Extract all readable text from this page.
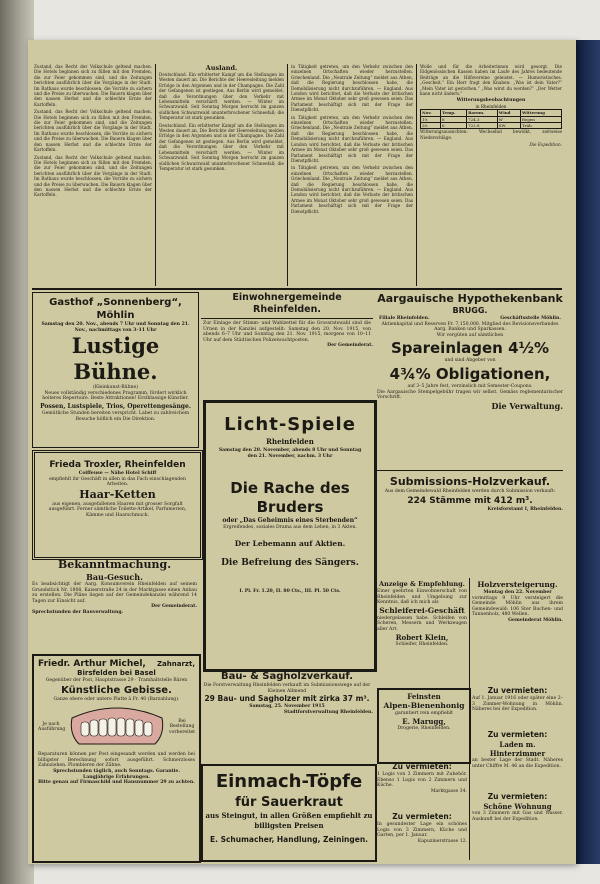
Zustand, das Recht der Volkschule geltend machen. Die Hotels beginnen sich zu füllen mit den Fremden, die zur Feier gekommen sind, und die Zeitungen berichten ausführlich über die Vorgänge in der Stadt. Im Rathaus wurde beschlossen, die Vorräte zu sichern und die Preise zu überwachen. Die Bauern klagen über den nassen Herbst und die schlechte Ernte der Kartoffeln.

Zustand, das Recht der Volkschule geltend machen. Die Hotels beginnen sich zu füllen mit den Fremden, die zur Feier gekommen sind, und die Zeitungen berichten ausführlich über die Vorgänge in der Stadt. Im Rathaus wurde beschlossen, die Vorräte zu sichern und die Preise zu überwachen. Die Bauern klagen über den nassen Herbst und die schlechte Ernte der Kartoffeln.

Zustand, das Recht der Volkschule geltend machen. Die Hotels beginnen sich zu füllen mit den Fremden, die zur Feier gekommen sind, und die Zeitungen berichten ausführlich über die Vorgänge in der Stadt. Im Rathaus wurde beschlossen, die Vorräte zu sichern und die Preise zu überwachen. Die Bauern klagen über den nassen Herbst und die schlechte Ernte der Kartoffeln.

Ausland.

Deutschland. Ein erbitterter Kampf um die Stellungen im Westen dauert an. Die Berichte der Heeresleitung melden Erfolge in den Argonnen und in der Champagne. Die Zahl der Gefangenen ist gestiegen. Aus Berlin wird gemeldet, daß die Verordnungen über den Verkehr mit Lebensmitteln verschärft werden. — Winter im Schwarzwald. Seit Sonntag Morgen herrscht im ganzen südlichen Schwarzwald ununterbrochener Schneefall; die Temperatur ist stark gesunken.

Deutschland. Ein erbitterter Kampf um die Stellungen im Westen dauert an. Die Berichte der Heeresleitung melden Erfolge in den Argonnen und in der Champagne. Die Zahl der Gefangenen ist gestiegen. Aus Berlin wird gemeldet, daß die Verordnungen über den Verkehr mit Lebensmitteln verschärft werden. — Winter im Schwarzwald. Seit Sonntag Morgen herrscht im ganzen südlichen Schwarzwald ununterbrochener Schneefall; die Temperatur ist stark gesunken.

in Tätigkeit getreten, um den Verkehr zwischen den einzelnen Ortschaften wieder herzustellen. Griechenland. Die „Neutrale Zeitung“ meldet aus Athen, daß die Regierung beschlossen habe, die Demobilisierung nicht durchzuführen. — England. Aus London wird berichtet, daß die Verluste der britischen Armee im Monat Oktober sehr groß gewesen seien. Das Parlament beschäftigt sich mit der Frage der Dienstpflicht.

in Tätigkeit getreten, um den Verkehr zwischen den einzelnen Ortschaften wieder herzustellen. Griechenland. Die „Neutrale Zeitung“ meldet aus Athen, daß die Regierung beschlossen habe, die Demobilisierung nicht durchzuführen. — England. Aus London wird berichtet, daß die Verluste der britischen Armee im Monat Oktober sehr groß gewesen seien. Das Parlament beschäftigt sich mit der Frage der Dienstpflicht.

in Tätigkeit getreten, um den Verkehr zwischen den einzelnen Ortschaften wieder herzustellen. Griechenland. Die „Neutrale Zeitung“ meldet aus Athen, daß die Regierung beschlossen habe, die Demobilisierung nicht durchzuführen. — England. Aus London wird berichtet, daß die Verluste der britischen Armee im Monat Oktober sehr groß gewesen seien. Das Parlament beschäftigt sich mit der Frage der Dienstpflicht.

Wolle und für die Arbeiterinnen wird gesorgt. Die Eidgenössischen Kassen haben im Laufe des Jahres bedeutende Beiträge an die Hilfsvereine geleistet. — Humoristisches. „Gescheit.“ Ein Herr fragt den Knaben: „Was ist dein Vater?“ „Mein Vater ist gestorben.“ „Was wirst du werden?“ „Der Wetter kann nicht ändern.“

Witterungsbeobachtungen
in Rheinfelden
Nov.	Temp.	Barom.	Wind	Witterung
19.	8	724.3	W	Regen
20.	6	722.8	SW	Trüb

Witterungsaussichten: Wechselnd bewölkt, zeitweise Niederschläge.

Die Expedition.
Gasthof „Sonnenberg“, Möhlin
Samstag den 20. Nov., abends 7 Uhr und Sonntag den 21. Nov., nachmittags von 3–11 Uhr
Lustige Bühne.
(Kleinkunst-Bühne)
Neues vollständig verschiedenes Programm, fördert wirklich heiteres Repertoire. Beste Attraktionen! Erstklassige Künstler.
Possen, Lustspiele, Trios, Operettengesänge.
Gemütliche Stunden bereiten verspricht. Labet zu zahlreichem Besuche höflich ein Die Direktion.
Frieda Troxler, Rheinfelden
Coiffeuse — Nähe Hotel Schiff
empfiehlt ihr Geschäft in allen in das Fach einschlagenden Arbeiten.
Haar-Ketten
aus eigenen, ausgefallenen Haaren mit grosser Sorgfalt ausgeführt. Ferner sämtliche Toilette-Artikel, Parfumerien, Kämme und Haarschmuck.
Bekanntmachung.
Bau-Gesuch.
Es beabsichtigt der Aarg. Konsumverein Rheinfelden auf seinem Grundstück Nr. 1808, Kaiserstraße 24 in der Marktgasse einen Anbau zu erstellen. Die Pläne liegen auf der Gemeindekanzlei während 14 Tagen zur Einsicht auf.
Der Gemeinderat.
Sprechstunden der Bauverwaltung.
Friedr. Arthur Michel, Zahnarzt,
Birsfelden bei Basel
Gegenüber der Post, Hauptstrasse 29 · Tramhaltstelle Bären
Künstliche Gebisse.
Ganze obere oder untere Platte à Fr. 40 (Barzahlung).
Je nach Ausführung
Bei Bestellung vorbereitet
Reparaturen können per Post eingesandt werden und werden bei billigster Berechnung sofort ausgeführt. Schmerzloses Zahnziehen. Plombieren der Zähne.
Sprechstunden täglich, auch Sonntags. Garantie. Langjährige Erfahrungen.
Bitte genau auf Firmaschild und Hausnummer 29 zu achten.
Einwohnergemeinde Rheinfelden.
Zur Einlage der Stimm- und Wahlzettel für die Grossratswahl sind die Urnen in der Kanzlei aufgestellt: Samstag den 20. Nov. 1915, von abends 6–7 Uhr und Sonntag den 21. Nov. 1915, morgens von 10–11 Uhr auf dem Städtischen Polizeiwachtposten.
Der Gemeinderat.
Licht-Spiele
Rheinfelden
Samstag den 20. November, abends 8 Uhr und Sonntag den 21. November, nachm. 3 Uhr
Die Rache des Bruders
oder „Das Geheimnis eines Sterbenden“
Ergreifendes, soziales Drama aus dem Leben, in 3 Akten.
Der Lebemann auf Aktien.
Die Befreiung des Sängers.
I. Pl. Fr. 1.20, II. 80 Cts., III. Pl. 50 Cts.
Bau- & Sagholzverkauf.
Die Forstverwaltung Rheinfelden verkauft im Submissionswege auf der Kleinen Allmend
29 Bau- und Sagholzer mit zirka 37 m³.
Samstag, 25. November 1915
Stadtforstverwaltung Rheinfelden.
Einmach-Töpfe
für Sauerkraut
aus Steingut, in allen Größen empfiehlt zu billigsten Preisen
E. Schumacher, Handlung, Zeiningen.
Aargauische Hypothekenbank
BRUGG.
Filiale Rheinfelden.	Geschäftsstelle Möhlin.
Aktienkapital und Reserven Fr. 7,150,000. Mitglied des Revisionsverbandes Aarg. Banken und Sparkassen.
Wir vergüten auf sämtlichen
Spareinlagen 4½%
und sind Abgeber von
4¾% Obligationen,
auf 3–5 Jahre fest, verzinslich mit Semester-Coupons.
Die Aargauische Stempelgebühr tragen wir selbst. Gemäss reglementarischer Vorschrift.
Die Verwaltung.
Submissions-Holzverkauf.
Aus dem Gemeindewald Rheinfelden werden durch Submission verkauft:
224 Stämme mit 412 m³.
Kreisforstamt I, Rheinfelden.
Anzeige & Empfehlung.
Einer geehrten Einwohnerschaft von Rheinfelden und Umgebung zur Kenntnis, daß ich mich als
Schleiferei-Geschäft
niedergelassen habe. Schleifen von Scheren, Messern und Werkzeugen aller Art.
Robert Klein,
Schleifer, Rheinfelden.
Feinsten
Alpen-Bienenhonig
garantiert rein empfiehlt
E. Marugg,
Drogerie, Rheinfelden.
Zu vermieten:
1 Logis von 3 Zimmern mit Zubehör. Ebenso 1 Logis von 2 Zimmern und Küche.
Marktgasse 34.
Zu vermieten:
In gesundester Lage ein schönes Logis von 3 Zimmern, Küche und Garten, per 1. Januar.
Kapuzinerstrasse 12.
Holzversteigerung.
Montag den 22. November
vormittags 9 Uhr versteigert die Gemeinde Möhlin aus ihrem Gemeindewald: 106 Ster Buchen- und Tannenholz, 480 Wellen.
Gemeinderat Möhlin.
Zu vermieten:
Auf 1. Januar 1916 oder später eine 2–3 Zimmer-Wohnung in Möhlin. Näheres bei der Expedition.
Zu vermieten:
Laden m. Hinterzimmer
an bester Lage der Stadt. Näheres unter Chiffre M. 46 an die Expedition.
Zu vermieten:
Schöne Wohnung
von 3 Zimmern mit Gas und Wasser. Auskunft bei der Expedition.
